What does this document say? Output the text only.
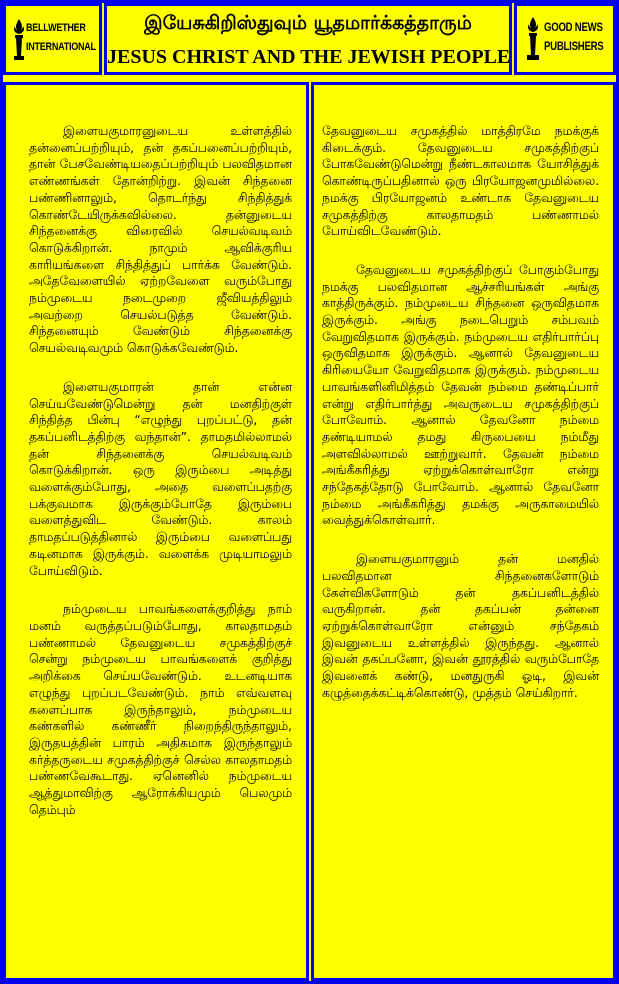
BELLWETHER INTERNATIONAL
இயேசுகிறிஸ்துவும் யூதமார்க்கத்தாரும்
JESUS CHRIST AND THE JEWISH PEOPLE
GOOD NEWS PUBLISHERS

இளையகுமாரனுடைய உள்ளத்தில் தன்னைப்பற்றியும், தன் தகப்பனைப்பற்றியும், தான் பேசவேண்டியதைப்பற்றியும் பலவிதமான எண்ணங்கள் தோன்றிற்று. இவன் சிந்தனை பண்ணினாலும், தொடர்ந்து சிந்தித்துக் கொண்டேயிருக்கவில்லை. தன்னுடைய சிந்தனைக்கு விரைவில் செயல்வடிவம் கொடுக்கிறான். நாமும் ஆவிக்குரிய காரியங்களை சிந்தித்துப் பார்க்க வேண்டும். அதேவேளையில் ஏற்றவேளை வரும்போது நம்முடைய நடைமுறை ஜீவியத்திலும் அவற்றை செயல்படுத்த வேண்டும். சிந்தனையும் வேண்டும் சிந்தனைக்கு செயல்வடிவமும் கொடுக்கவேண்டும்.

இளையகுமாரன் தான் என்ன செய்யவேண்டுமென்று தன் மனதிற்குள் சிந்தித்த பின்பு “எழுந்து புறப்பட்டு, தன் தகப்பனிடத்திற்கு வந்தான்”. தாமதமில்லாமல் தன் சிந்தனைக்கு செயல்வடிவம் கொடுக்கிறான். ஒரு இரும்பை அடித்து வளைக்கும்போது, அதை வளைப்பதற்கு பக்குவமாக இருக்கும்போதே இரும்பை வளைத்துவிட வேண்டும். காலம் தாமதப்படுத்தினால் இரும்பை வளைப்பது கடினமாக இருக்கும். வளைக்க முடியாமலும் போய்விடும்.

நம்முடைய பாவங்களைக்குறித்து நாம் மனம் வருத்தப்படும்போது, காலதாமதம் பண்ணாமல் தேவனுடைய சமுகத்திற்குச் சென்று நம்முடைய பாவங்களைக் குறித்து அறிக்கை செய்யவேண்டும். உடனடியாக எழுந்து புறப்படவேண்டும். நாம் எவ்வளவு களைப்பாக இருந்தாலும், நம்முடைய கண்களில் கண்ணீர் நிறைந்திருந்தாலும், இருதயத்தின் பாரம் அதிகமாக இருந்தாலும் கர்த்தருடைய சமுகத்திற்குச் செல்ல காலதாமதம் பண்ணவேகூடாது. ஏனெனில் நம்முடைய ஆத்துமாவிற்கு ஆரோக்கியமும் பெலமும் தெம்பும்

தேவனுடைய சமுகத்தில் மாத்திரமே நமக்குக் கிடைக்கும். தேவனுடைய சமுகத்திற்குப் போகவேண்டுமென்று நீண்டகாலமாக யோசித்துக் கொண்டிருப்பதினால் ஒரு பிரயோஜனமுமில்லை. நமக்கு பிரயோஜனம் உண்டாக தேவனுடைய சமுகத்திற்கு காலதாமதம் பண்ணாமல் போய்விடவேண்டும்.

தேவனுடைய சமுகத்திற்குப் போகும்போது நமக்கு பலவிதமான ஆச்சரியங்கள் அங்கு காத்திருக்கும். நம்முடைய சிந்தனை ஒருவிதமாக இருக்கும். அங்கு நடைபெறும் சம்பவம் வேறுவிதமாக இருக்கும். நம்முடைய எதிர்பார்ப்பு ஒருவிதமாக இருக்கும். ஆனால் தேவனுடைய கிரியையோ வேறுவிதமாக இருக்கும். நம்முடைய பாவங்களினிமித்தம் தேவன் நம்மை தண்டிப்பார் என்று எதிர்பார்த்து அவருடைய சமுகத்திற்குப் போவோம். ஆனால் தேவனோ நம்மை தண்டியாமல் தமது கிருபையை நம்மீது அளவில்லாமல் ஊற்றுவார். தேவன் நம்மை அங்கீகரித்து ஏற்றுக்கொள்வாரோ என்று சந்தேகத்தோடு போவோம். ஆனால் தேவனோ நம்மை அங்கீகரித்து தமக்கு அருகாமையில் வைத்துக்கொள்வார்.

இளையகுமாரனும் தன் மனதில் பலவிதமான சிந்தனைகளோடும் கேள்விகளோடும் தன் தகப்பனிடத்தில் வருகிறான். தன் தகப்பன் தன்னை ஏற்றுக்கொள்வாரோ என்னும் சந்தேகம் இவனுடைய உள்ளத்தில் இருந்தது. ஆனால் இவன் தகப்பனோ, இவன் தூரத்தில் வரும்போதே இவனைக் கண்டு, மனதுருகி ஓடி, இவன் கழுத்தைக்கட்டிக்கொண்டு, முத்தம் செய்கிறார்.
